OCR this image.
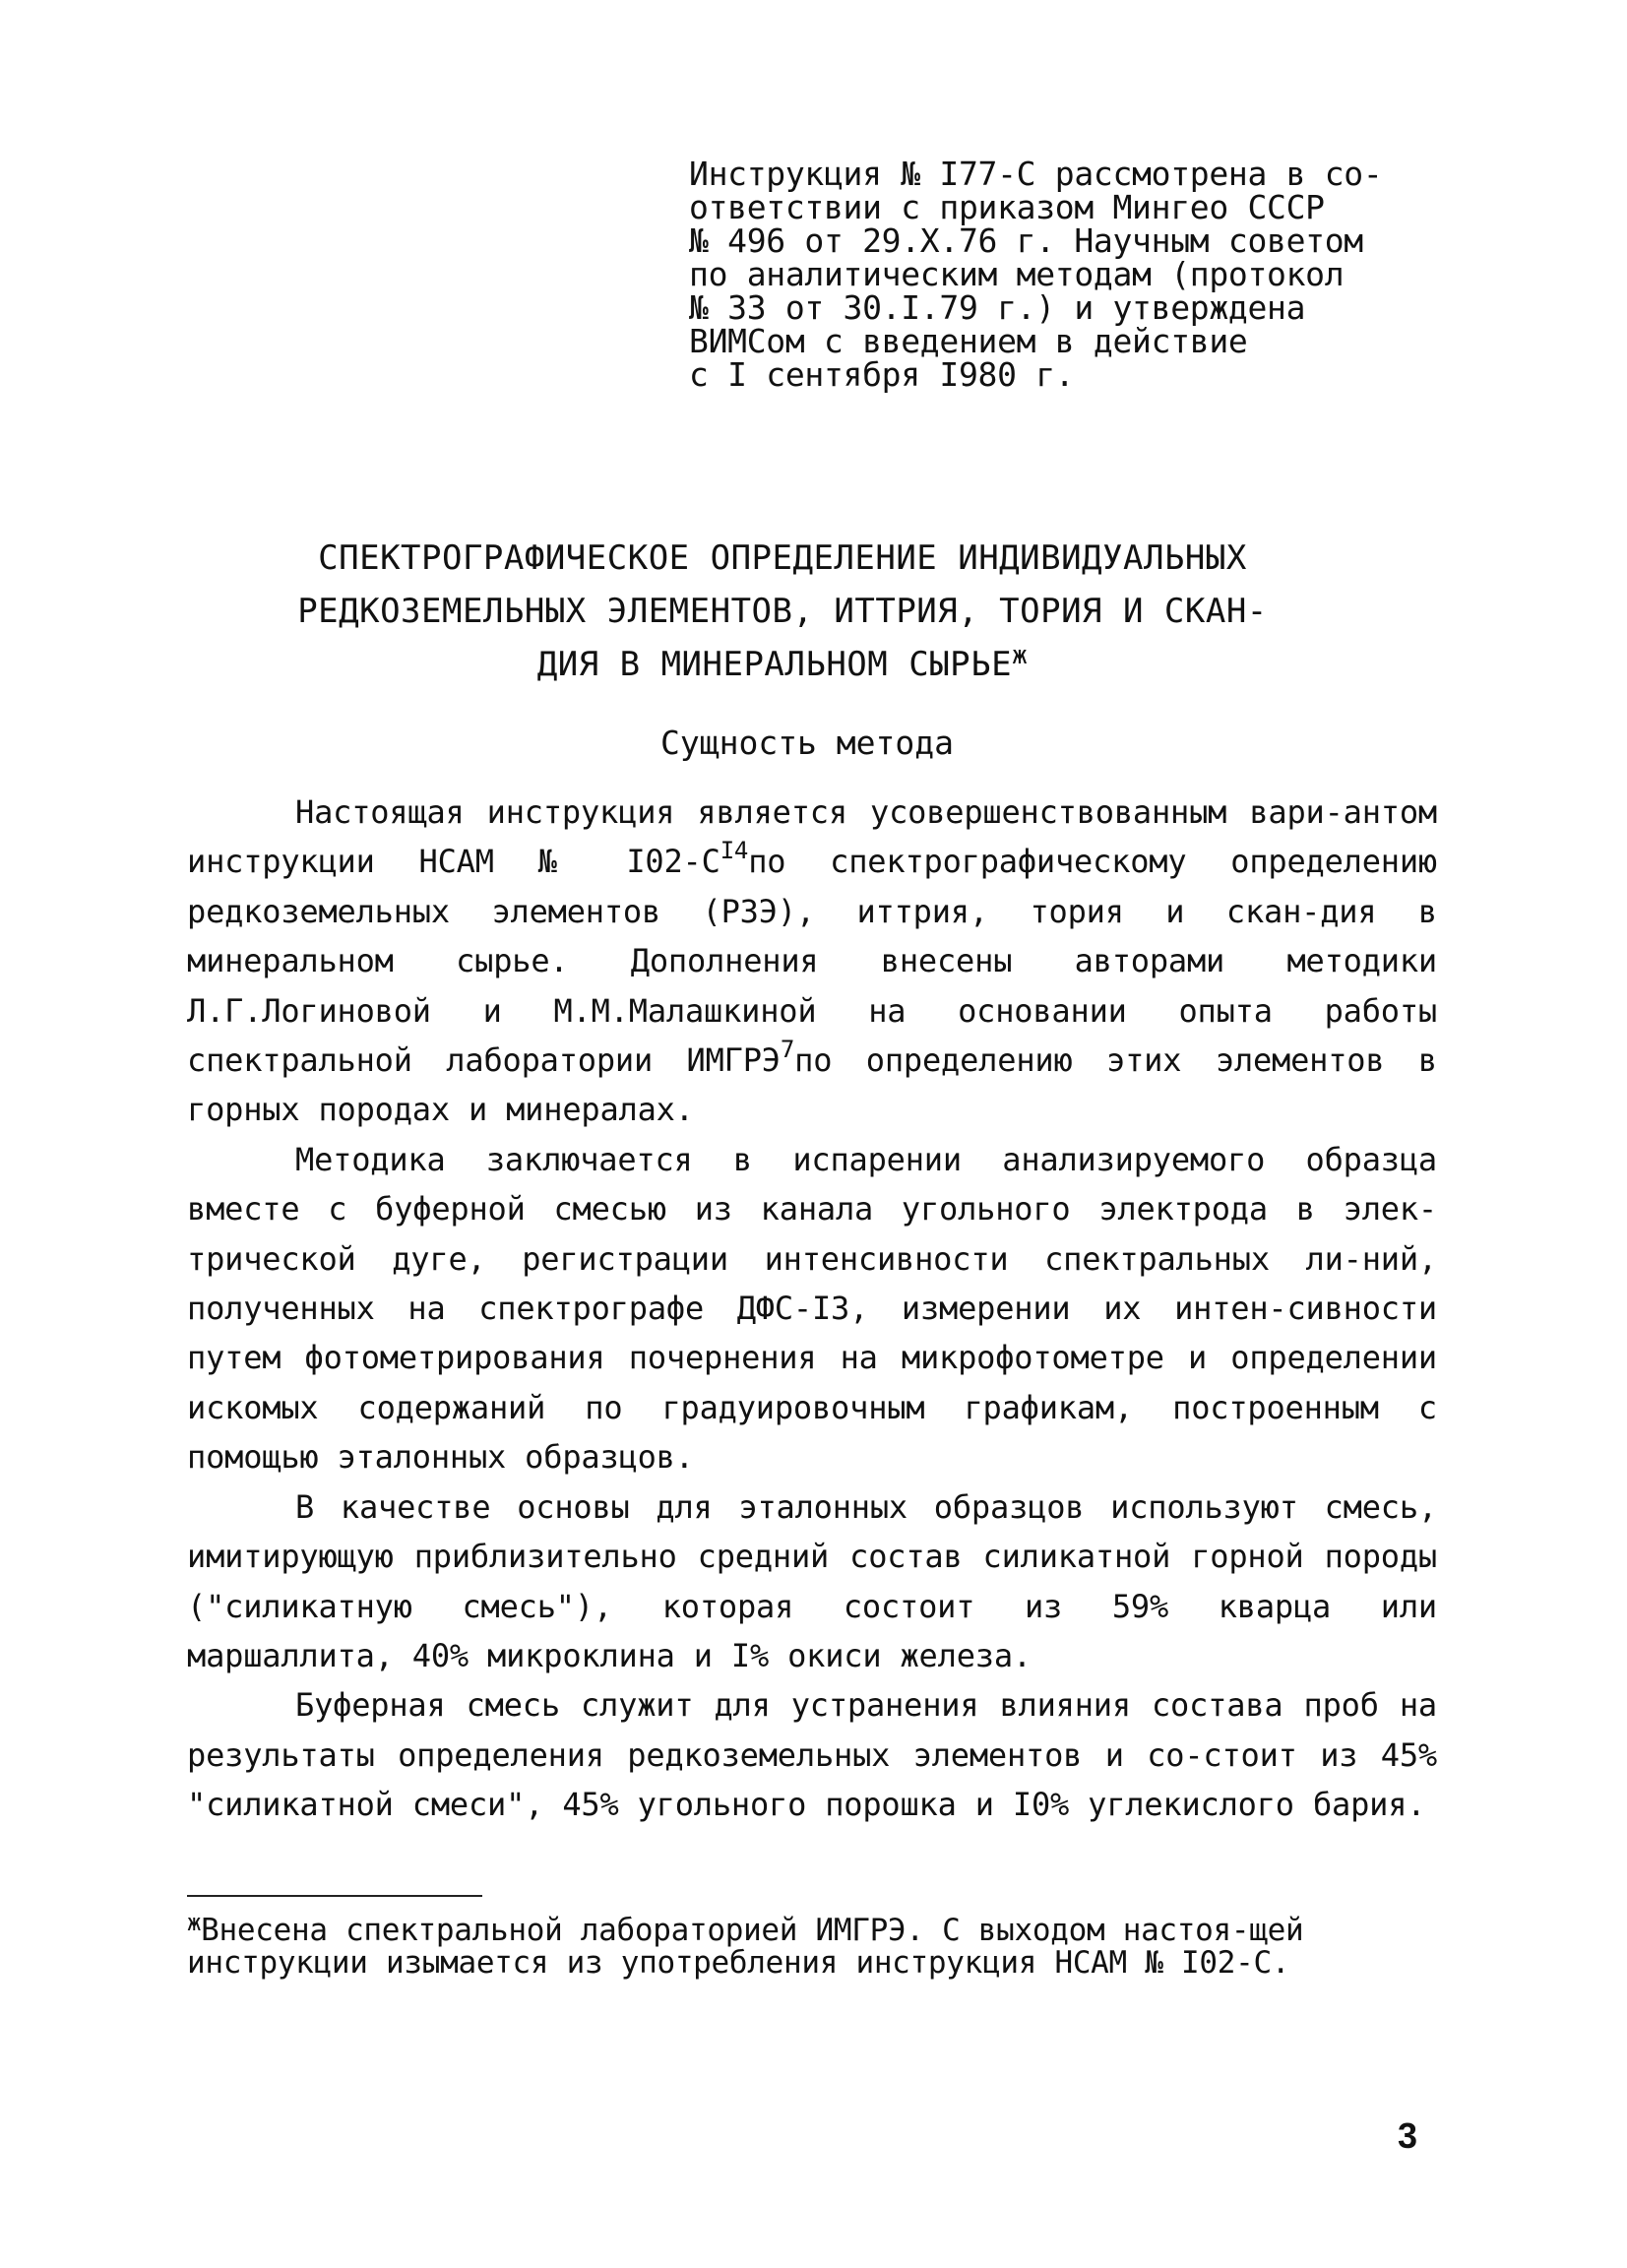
Инструкция № I77-С рассмотрена в со-
ответствии с приказом Мингео СССР
№ 496 от 29.X.76 г. Научным советом
по аналитическим методам (протокол
№ 33 от 30.I.79 г.) и утверждена
ВИМСом с введением в действие
с I сентября I980 г.
СПЕКТРОГРАФИЧЕСКОЕ ОПРЕДЕЛЕНИЕ ИНДИВИДУАЛЬНЫХ
РЕДКОЗЕМЕЛЬНЫХ ЭЛЕМЕНТОВ, ИТТРИЯ, ТОРИЯ И СКАН-
ДИЯ В МИНЕРАЛЬНОМ $СЫРЬЕ^ж$
Сущность метода

Настоящая инструкция является усовершенствованным вари-антом инструкции НСАМ № $I02-С^{I4}по$ спектрографическому определению редкоземельных элементов (РЗЭ), иттрия, тория и скан-дия в минеральном сырье. Дополнения внесены авторами методики Л.Г.Логиновой и М.М.Малашкиной на основании опыта работы спектральной лаборатории ИМГРЭ$^7$по определению этих элементов в горных породах и минералах.

Методика заключается в испарении анализируемого образца вместе с буферной смесью из канала угольного электрода в элек-трической дуге, регистрации интенсивности спектральных ли-ний, полученных на спектрографе ДФС-I3, измерении их интен-сивности путем фотометрирования почернения на микрофотометре и определении искомых содержаний по градуировочным графикам, построенным с помощью эталонных образцов.

В качестве основы для эталонных образцов используют смесь, имитирующую приблизительно средний состав силикатной горной породы ("силикатную смесь"), которая состоит из 59% кварца или маршаллита, 40% микроклина и I% окиси железа.

Буферная смесь служит для устранения влияния состава проб на результаты определения редкоземельных элементов и со-стоит из 45% "силикатной смеси", 45% угольного порошка и I0% углекислого бария.

$^ж$Внесена спектральной лабораторией ИМГРЭ. С выходом настоя-щей инструкции изымается из употребления инструкция НСАМ № I02-С.
3
